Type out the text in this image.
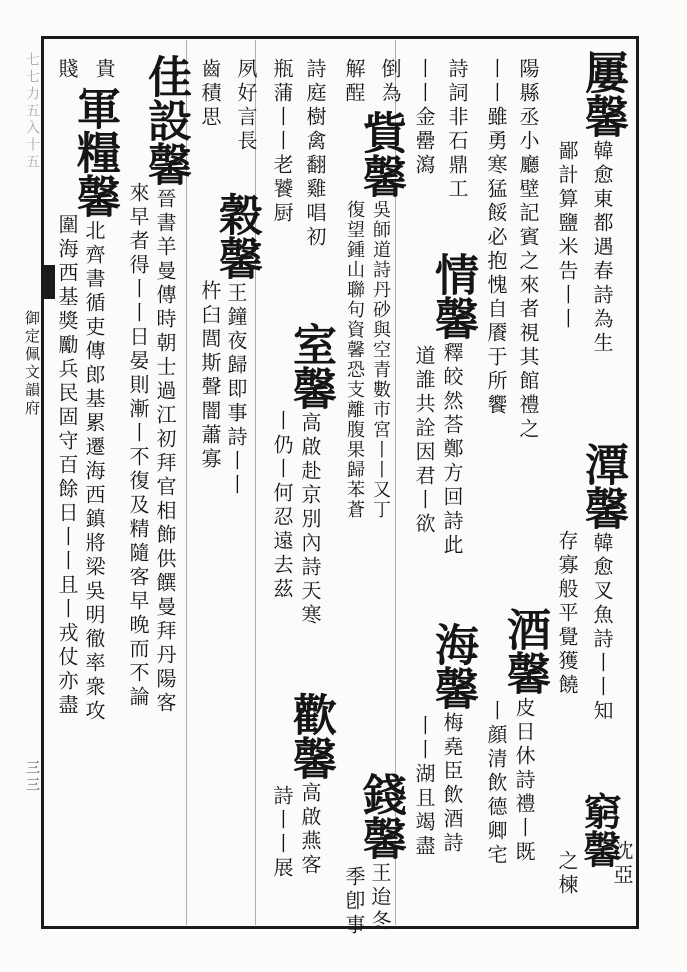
七七力五入十五
御定佩文韻府
三三
屢馨韓愈東都遇春詩為生
鄙計算鹽米告丨丨
潭馨韓愈叉魚詩丨丨知
存寡般平覺獲饒
窮馨
沈亞
之楝
陽縣丞小廳壁記賓之來者視其館禮之
丨丨雖勇寒猛餒必抱愧自餍于所饗
酒馨皮日休詩禮丨既
丨顔清飲德卿宅
詩詞非石鼎工
情馨釋皎然荅鄭方回詩此
道誰共詮因君丨欲
海馨梅堯臣飲酒詩
丨丨湖且竭盡
丨丨金罍瀉
倒為
貲馨吳師道詩丹砂與空青數市宮丨丨又丁
復望鍾山聯句資馨恐支離腹果歸苯蒼
錢馨王迨冬
季卽事
解酲
詩庭樹禽翻雞唱初
室馨高啟赴京別內詩天寒
丨仍丨何忍遠去茲
歡馨高啟燕客
詩丨丨展
瓶蒲丨丨老饕厨
夙好言長
穀馨王鐘夜歸即事詩丨丨
杵臼閭斯聲闇蕭寡
齒積思
佳設馨晉書羊曼傳時朝士過江初拜官相飾供饌曼拜丹陽客
來早者得丨丨日晏則漸丨不復及精隨客早晚而不論
貴
軍糧馨北齊書循吏傳郎基累遷海西鎮將梁吳明徹率衆攻
圍海西基獎勵兵民固守百餘日丨丨且丨戎仗亦盡
賤
